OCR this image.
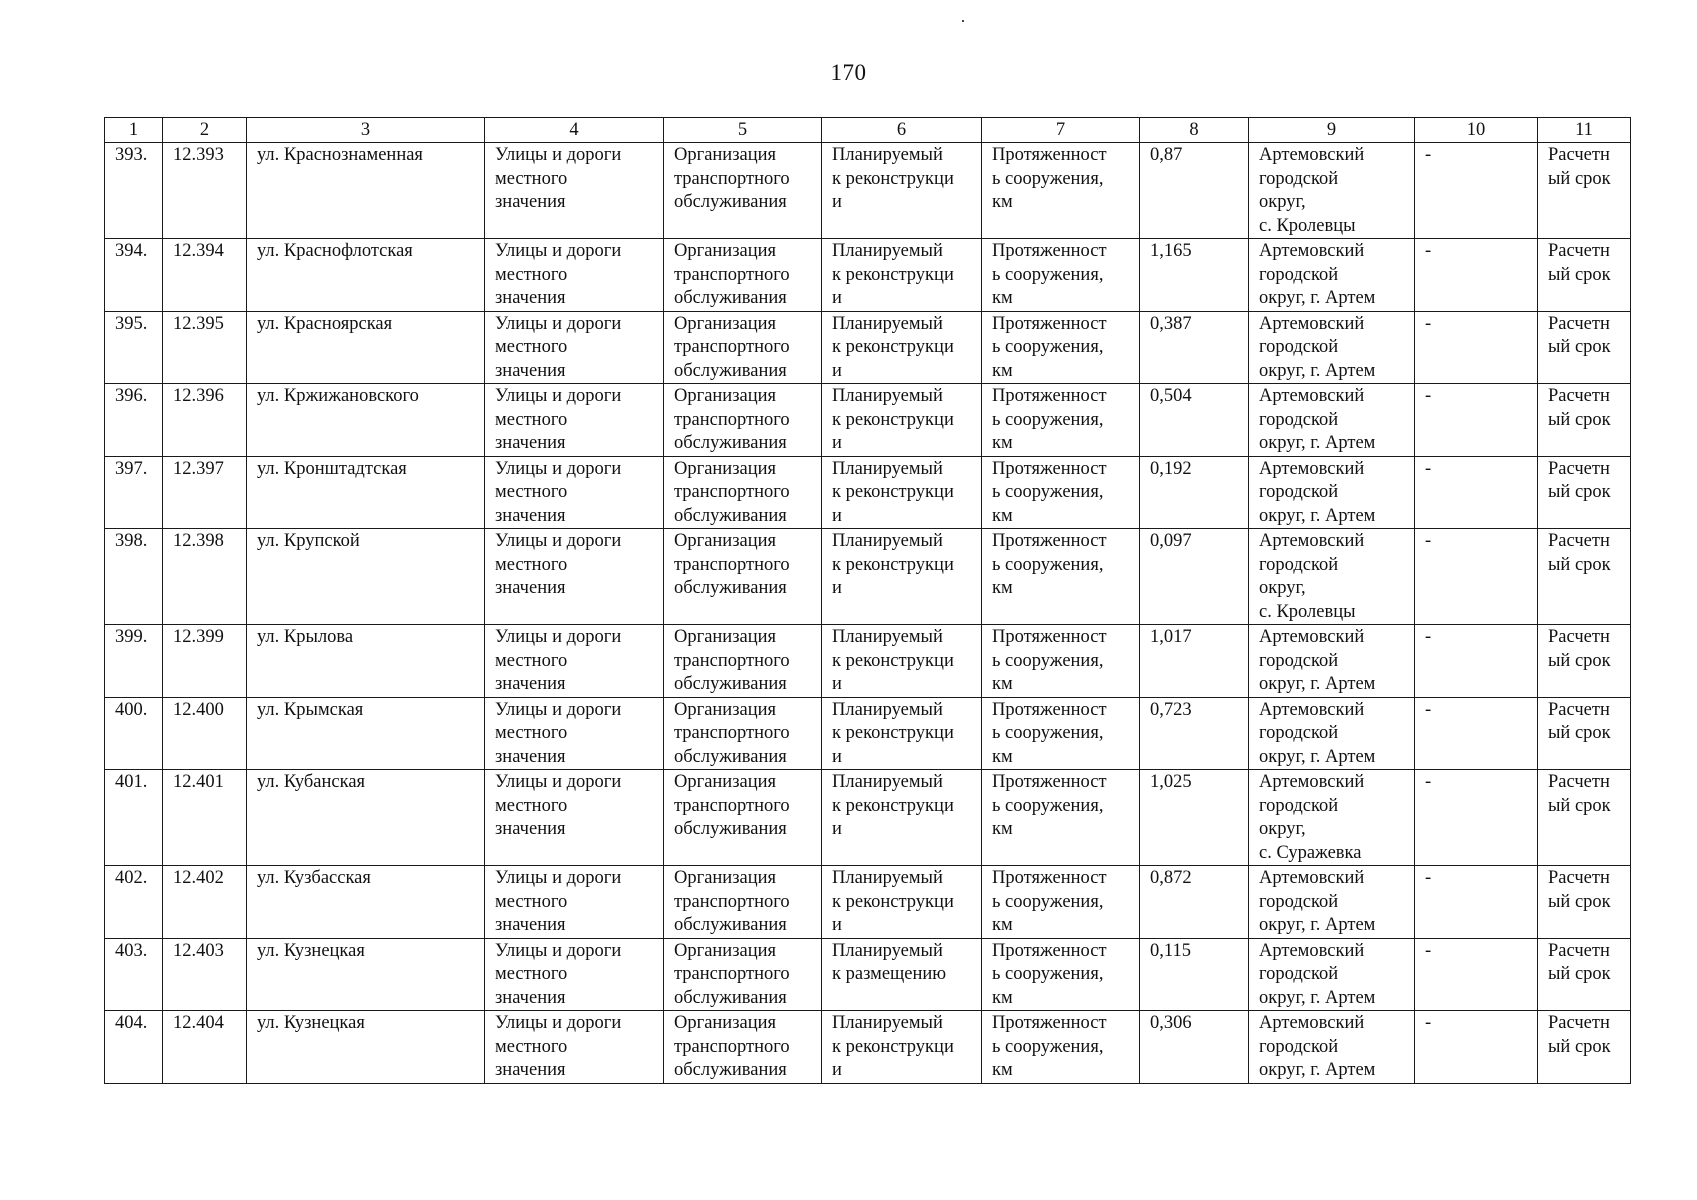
170
1	2	3	4	5	6	7	8	9	10	11
393.	12.393	ул. Краснознаменная	Улицы и дороги
местного
значения	Организация
транспортного
обслуживания	Планируемый
к реконструкци
и	Протяженност
ь сооружения,
км	0,87	Артемовский
городской
округ,
с. Кролевцы	-	Расчетн
ый срок
394.	12.394	ул. Краснофлотская	Улицы и дороги
местного
значения	Организация
транспортного
обслуживания	Планируемый
к реконструкци
и	Протяженност
ь сооружения,
км	1,165	Артемовский
городской
округ, г. Артем	-	Расчетн
ый срок
395.	12.395	ул. Красноярская	Улицы и дороги
местного
значения	Организация
транспортного
обслуживания	Планируемый
к реконструкци
и	Протяженност
ь сооружения,
км	0,387	Артемовский
городской
округ, г. Артем	-	Расчетн
ый срок
396.	12.396	ул. Кржижановского	Улицы и дороги
местного
значения	Организация
транспортного
обслуживания	Планируемый
к реконструкци
и	Протяженност
ь сооружения,
км	0,504	Артемовский
городской
округ, г. Артем	-	Расчетн
ый срок
397.	12.397	ул. Кронштадтская	Улицы и дороги
местного
значения	Организация
транспортного
обслуживания	Планируемый
к реконструкци
и	Протяженност
ь сооружения,
км	0,192	Артемовский
городской
округ, г. Артем	-	Расчетн
ый срок
398.	12.398	ул. Крупской	Улицы и дороги
местного
значения	Организация
транспортного
обслуживания	Планируемый
к реконструкци
и	Протяженност
ь сооружения,
км	0,097	Артемовский
городской
округ,
с. Кролевцы	-	Расчетн
ый срок
399.	12.399	ул. Крылова	Улицы и дороги
местного
значения	Организация
транспортного
обслуживания	Планируемый
к реконструкци
и	Протяженност
ь сооружения,
км	1,017	Артемовский
городской
округ, г. Артем	-	Расчетн
ый срок
400.	12.400	ул. Крымская	Улицы и дороги
местного
значения	Организация
транспортного
обслуживания	Планируемый
к реконструкци
и	Протяженност
ь сооружения,
км	0,723	Артемовский
городской
округ, г. Артем	-	Расчетн
ый срок
401.	12.401	ул. Кубанская	Улицы и дороги
местного
значения	Организация
транспортного
обслуживания	Планируемый
к реконструкци
и	Протяженност
ь сооружения,
км	1,025	Артемовский
городской
округ,
с. Суражевка	-	Расчетн
ый срок
402.	12.402	ул. Кузбасская	Улицы и дороги
местного
значения	Организация
транспортного
обслуживания	Планируемый
к реконструкци
и	Протяженност
ь сооружения,
км	0,872	Артемовский
городской
округ, г. Артем	-	Расчетн
ый срок
403.	12.403	ул. Кузнецкая	Улицы и дороги
местного
значения	Организация
транспортного
обслуживания	Планируемый
к размещению	Протяженност
ь сооружения,
км	0,115	Артемовский
городской
округ, г. Артем	-	Расчетн
ый срок
404.	12.404	ул. Кузнецкая	Улицы и дороги
местного
значения	Организация
транспортного
обслуживания	Планируемый
к реконструкци
и	Протяженност
ь сооружения,
км	0,306	Артемовский
городской
округ, г. Артем	-	Расчетн
ый срок
